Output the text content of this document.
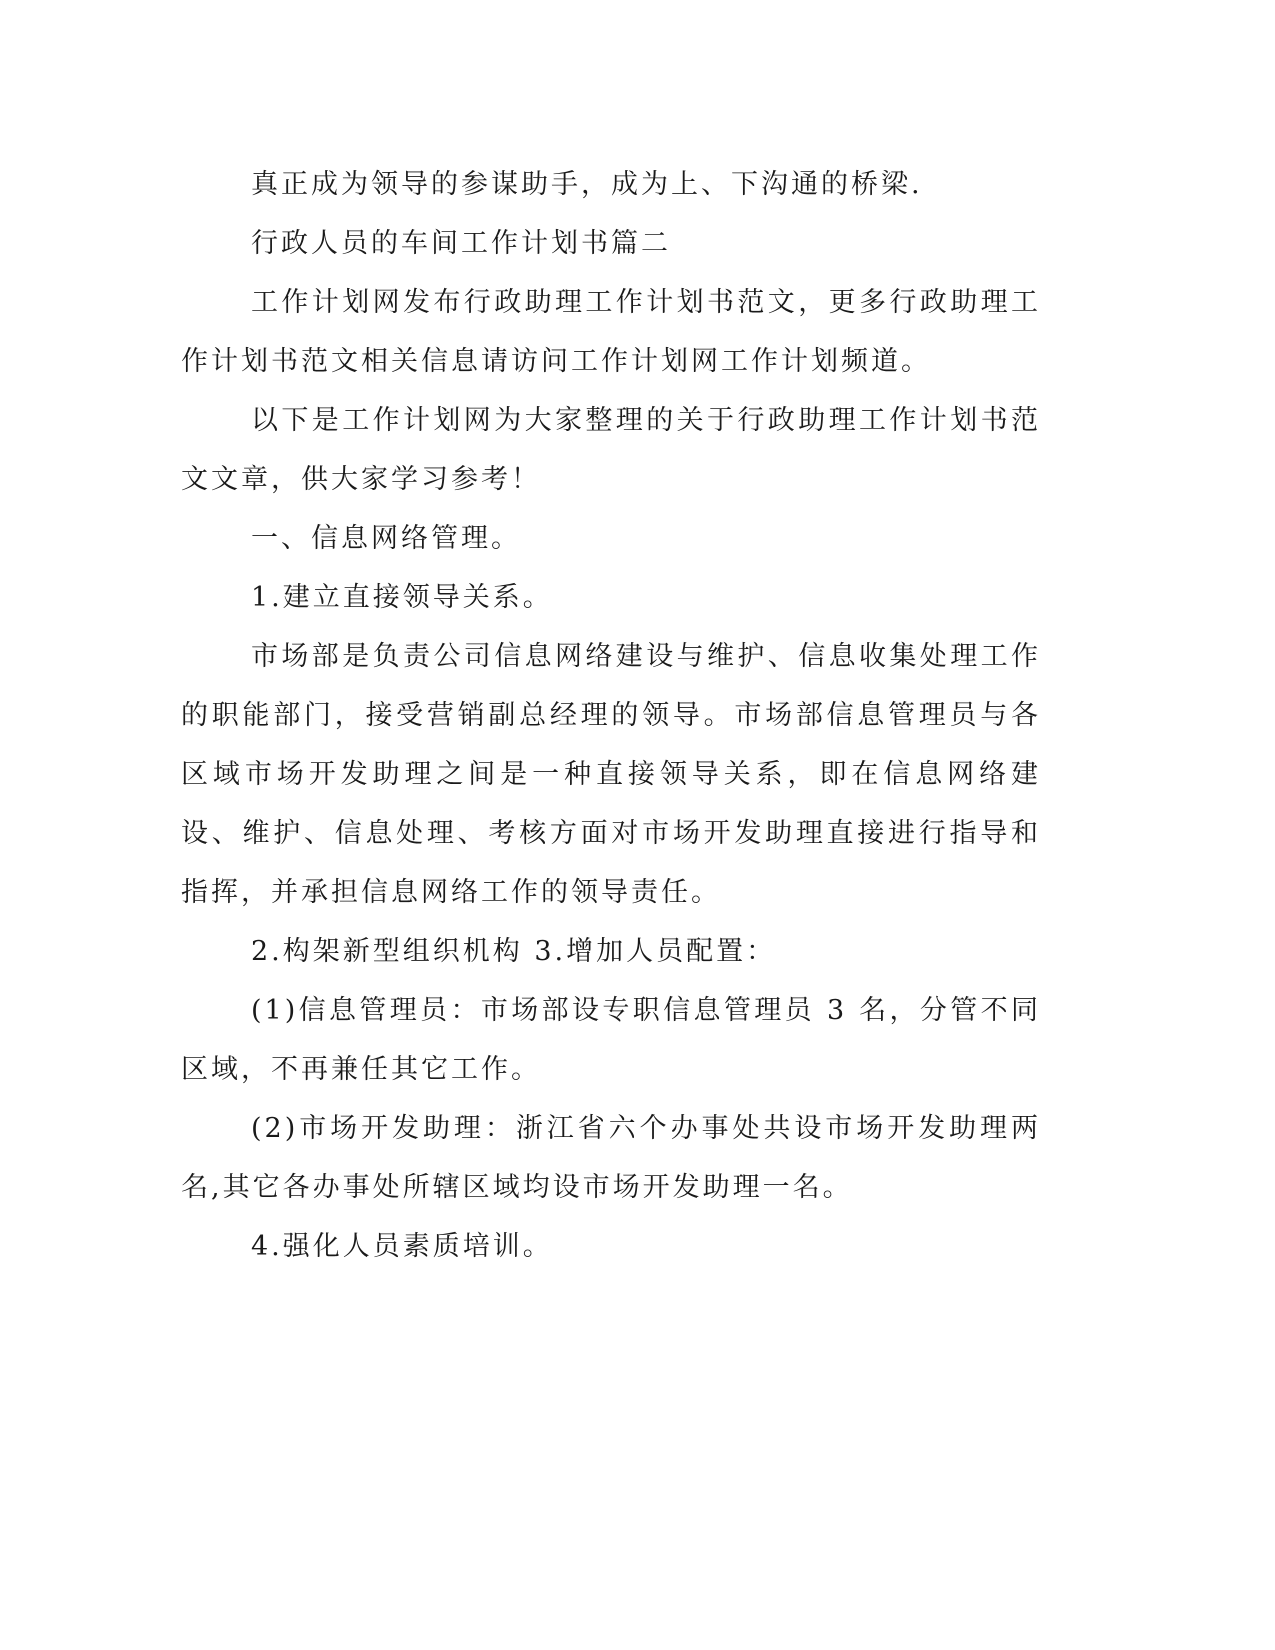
真正成为领导的参谋助手，成为上、下沟通的桥梁.

行政人员的车间工作计划书篇二

工作计划网发布行政助理工作计划书范文，更多行政助理工作计划书范文相关信息请访问工作计划网工作计划频道。

以下是工作计划网为大家整理的关于行政助理工作计划书范文文章，供大家学习参考！

一、信息网络管理。

1.建立直接领导关系。

市场部是负责公司信息网络建设与维护、信息收集处理工作的职能部门，接受营销副总经理的领导。市场部信息管理员与各区域市场开发助理之间是一种直接领导关系，即在信息网络建设、维护、信息处理、考核方面对市场开发助理直接进行指导和指挥，并承担信息网络工作的领导责任。

2.构架新型组织机构 3.增加人员配置：

(1)信息管理员：市场部设专职信息管理员 3 名，分管不同区域，不再兼任其它工作。

(2)市场开发助理：浙江省六个办事处共设市场开发助理两名,其它各办事处所辖区域均设市场开发助理一名。

4.强化人员素质培训。
